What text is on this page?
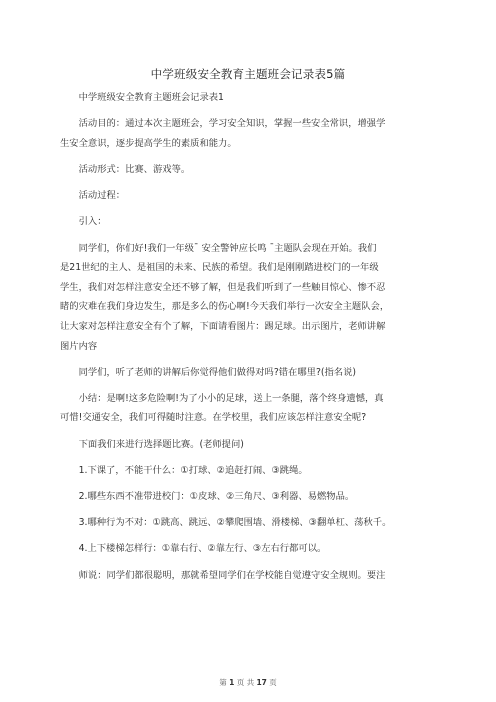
中学班级安全教育主题班会记录表5篇

中学班级安全教育主题班会记录表1

活动目的：通过本次主题班会，学习安全知识，掌握一些安全常识，增强学

生安全意识，逐步提高学生的素质和能力。

活动形式：比赛、游戏等。

活动过程：

引入：

同学们，你们好!我们一年级ˉ 安全警钟应长鸣 ˉ主题队会现在开始。我们

是21世纪的主人、是祖国的未来、民族的希望。我们是刚刚踏进校门的一年级

学生，我们对怎样注意安全还不够了解，但是我们听到了一些触目惊心、惨不忍

睹的灾难在我们身边发生，那是多么的伤心啊!今天我们举行一次安全主题队会，

让大家对怎样注意安全有个了解，下面请看图片：踢足球。出示图片，老师讲解

图片内容

同学们，听了老师的讲解后你觉得他们做得对吗?错在哪里?(指名说)

小结：是啊!这多危险啊!为了小小的足球，送上一条腿，落个终身遗憾，真

可惜!交通安全，我们可得随时注意。在学校里，我们应该怎样注意安全呢?

下面我们来进行选择题比赛。(老师提问)

1.下课了，不能干什么：①打球、②追赶打闹、③跳绳。

2.哪些东西不准带进校门：①皮球、②三角尺、③利器、易燃物品。

3.哪种行为不对：①跳高、跳远、②攀爬围墙、滑楼梯、③翻单杠、荡秋千。

4.上下楼梯怎样行：①靠右行、②靠左行、③左右行都可以。

师说：同学们都很聪明，那就希望同学们在学校能自觉遵守安全规则。要注

第 1 页 共 17 页
